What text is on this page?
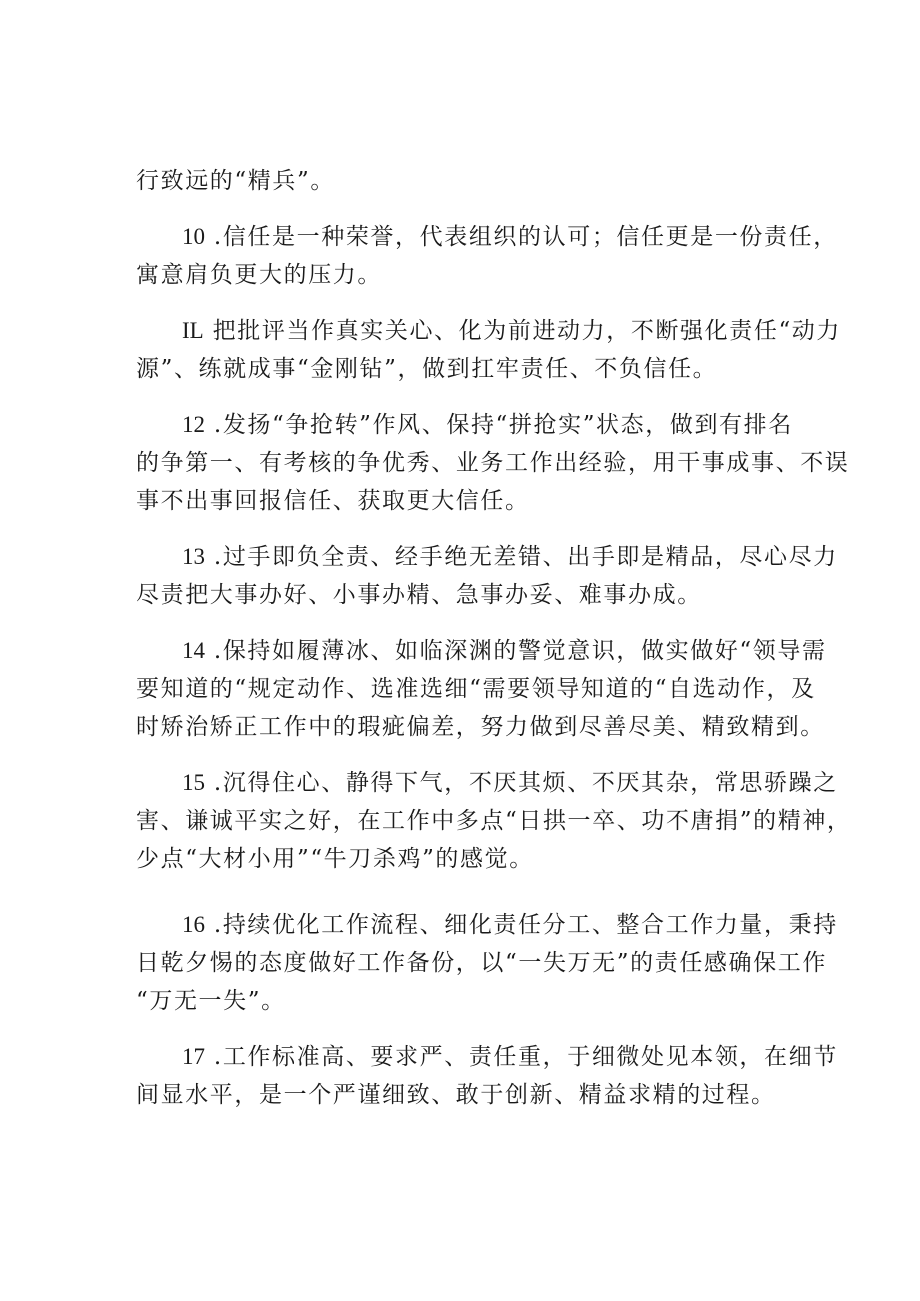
行致远的“精兵”。

10 .信任是一种荣誉，代表组织的认可；信任更是一份责任，

寓意肩负更大的压力。

IL 把批评当作真实关心、化为前进动力，不断强化责任“动力

源”、练就成事“金刚钻”，做到扛牢责任、不负信任。

12 .发扬“争抢转”作风、保持“拼抢实”状态，做到有排名

的争第一、有考核的争优秀、业务工作出经验，用干事成事、不误

事不出事回报信任、获取更大信任。

13 .过手即负全责、经手绝无差错、出手即是精品，尽心尽力

尽责把大事办好、小事办精、急事办妥、难事办成。

14 .保持如履薄冰、如临深渊的警觉意识，做实做好“领导需

要知道的“规定动作、选准选细“需要领导知道的“自选动作，及

时矫治矫正工作中的瑕疵偏差，努力做到尽善尽美、精致精到。

15 .沉得住心、静得下气，不厌其烦、不厌其杂，常思骄躁之

害、谦诚平实之好，在工作中多点“日拱一卒、功不唐捐”的精神，

少点“大材小用”“牛刀杀鸡”的感觉。

16 .持续优化工作流程、细化责任分工、整合工作力量，秉持

日乾夕惕的态度做好工作备份，以“一失万无”的责任感确保工作

“万无一失”。

17 .工作标准高、要求严、责任重，于细微处见本领，在细节

间显水平，是一个严谨细致、敢于创新、精益求精的过程。
